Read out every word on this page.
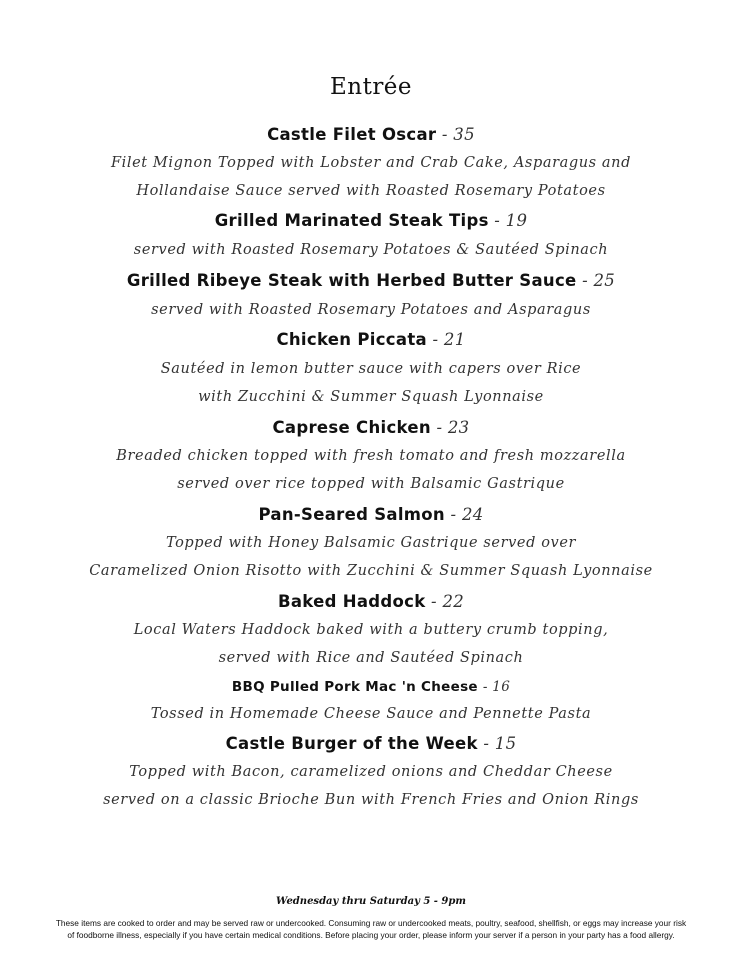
Entrée
Castle Filet Oscar - 35
Filet Mignon Topped with Lobster and Crab Cake, Asparagus and
Hollandaise Sauce served with Roasted Rosemary Potatoes
Grilled Marinated Steak Tips - 19
served with Roasted Rosemary Potatoes & Sautéed Spinach
Grilled Ribeye Steak with Herbed Butter Sauce - 25
served with Roasted Rosemary Potatoes and Asparagus
Chicken Piccata - 21
Sautéed in lemon butter sauce with capers over Rice
with Zucchini & Summer Squash Lyonnaise
Caprese Chicken - 23
Breaded chicken topped with fresh tomato and fresh mozzarella
served over rice topped with Balsamic Gastrique
Pan-Seared Salmon - 24
Topped with Honey Balsamic Gastrique served over
Caramelized Onion Risotto with Zucchini & Summer Squash Lyonnaise
Baked Haddock - 22
Local Waters Haddock baked with a buttery crumb topping,
served with Rice and Sautéed Spinach
BBQ Pulled Pork Mac 'n Cheese - 16
Tossed in Homemade Cheese Sauce and Pennette Pasta
Castle Burger of the Week - 15
Topped with Bacon, caramelized onions and Cheddar Cheese
served on a classic Brioche Bun with French Fries and Onion Rings
Wednesday thru Saturday 5 - 9pm
These items are cooked to order and may be served raw or undercooked. Consuming raw or undercooked meats, poultry, seafood, shellfish, or eggs may increase your risk
of foodborne illness, especially if you have certain medical conditions. Before placing your order, please inform your server if a person in your party has a food allergy.
